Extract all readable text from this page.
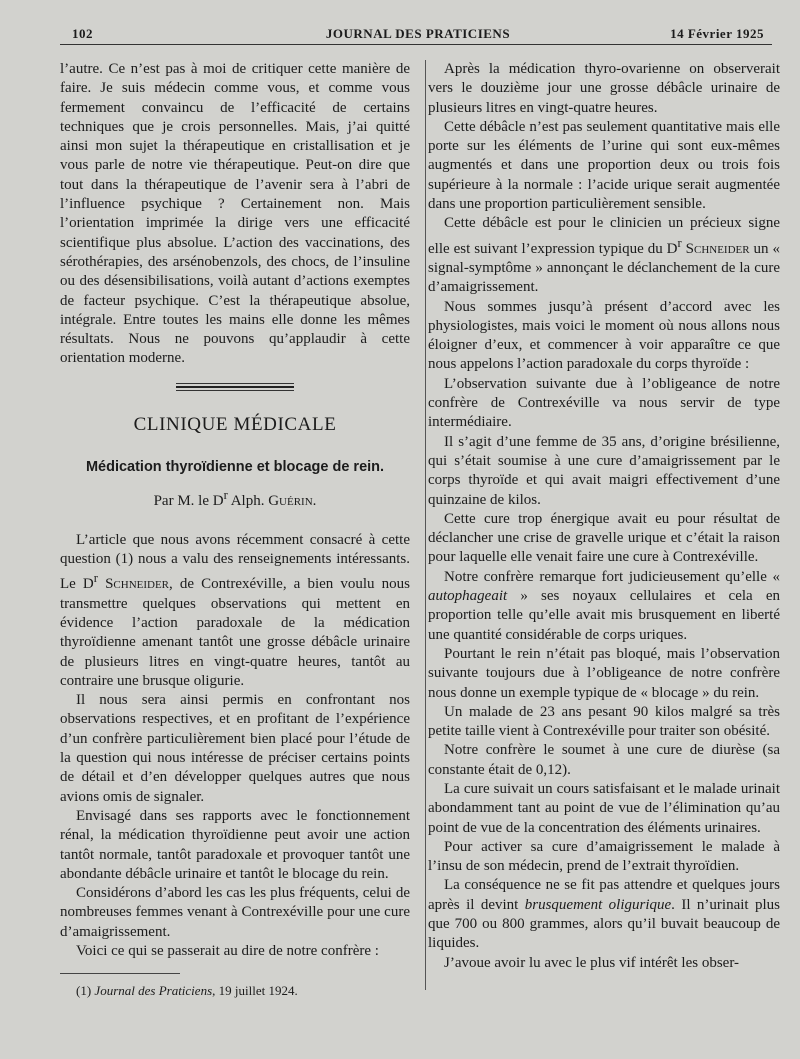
102	JOURNAL DES PRATICIENS	14 Février 1925

l’autre. Ce n’est pas à moi de critiquer cette manière de faire. Je suis médecin comme vous, et comme vous fermement convaincu de l’efficacité de certains techniques que je crois personnelles. Mais, j’ai quitté ainsi mon sujet la thérapeutique en cristallisation et je vous parle de notre vie thérapeutique. Peut-on dire que tout dans la thérapeutique de l’avenir sera à l’abri de l’influence psychique ? Certainement non. Mais l’orientation imprimée la dirige vers une efficacité scientifique plus absolue. L’action des vaccinations, des sérothérapies, des arsénobenzols, des chocs, de l’insuline ou des désensibilisations, voilà autant d’actions exemptes de facteur psychique. C’est la thérapeutique absolue, intégrale. Entre toutes les mains elle donne les mêmes résultats. Nous ne pouvons qu’applaudir à cette orientation moderne.

CLINIQUE MÉDICALE
Médication thyroïdienne et blocage de rein.
Par M. le $D^r$ Alph. Guérin.

L’article que nous avons récemment consacré à cette question (1) nous a valu des renseignements intéressants. Le $D^r$ Schneider, de Contrexéville, a bien voulu nous transmettre quelques observations qui mettent en évidence l’action paradoxale de la médication thyroïdienne amenant tantôt une grosse débâcle urinaire de plusieurs litres en vingt-quatre heures, tantôt au contraire une brusque oligurie.

Il nous sera ainsi permis en confrontant nos observations respectives, et en profitant de l’expérience d’un confrère particulièrement bien placé pour l’étude de la question qui nous intéresse de préciser certains points de détail et d’en développer quelques autres que nous avions omis de signaler.

Envisagé dans ses rapports avec le fonctionnement rénal, la médication thyroïdienne peut avoir une action tantôt normale, tantôt paradoxale et provoquer tantôt une abondante débâcle urinaire et tantôt le blocage du rein.

Considérons d’abord les cas les plus fréquents, celui de nombreuses femmes venant à Contrexéville pour une cure d’amaigrissement.

Voici ce qui se passerait au dire de notre confrère :

(1) Journal des Praticiens, 19 juillet 1924.

Après la médication thyro-ovarienne on observerait vers le douzième jour une grosse débâcle urinaire de plusieurs litres en vingt-quatre heures.

Cette débâcle n’est pas seulement quantitative mais elle porte sur les éléments de l’urine qui sont eux-mêmes augmentés et dans une proportion deux ou trois fois supérieure à la normale : l’acide urique serait augmentée dans une proportion particulièrement sensible.

Cette débâcle est pour le clinicien un précieux signe elle est suivant l’expression typique du $D^r$ Schneider un « signal-symptôme » annonçant le déclanchement de la cure d’amaigrissement.

Nous sommes jusqu’à présent d’accord avec les physiologistes, mais voici le moment où nous allons nous éloigner d’eux, et commencer à voir apparaître ce que nous appelons l’action paradoxale du corps thyroïde :

L’observation suivante due à l’obligeance de notre confrère de Contrexéville va nous servir de type intermédiaire.

Il s’agit d’une femme de 35 ans, d’origine brésilienne, qui s’était soumise à une cure d’amaigrissement par le corps thyroïde et qui avait maigri effectivement d’une quinzaine de kilos.

Cette cure trop énergique avait eu pour résultat de déclancher une crise de gravelle urique et c’était la raison pour laquelle elle venait faire une cure à Contrexéville.

Notre confrère remarque fort judicieusement qu’elle « autophageait » ses noyaux cellulaires et cela en proportion telle qu’elle avait mis brusquement en liberté une quantité considérable de corps uriques.

Pourtant le rein n’était pas bloqué, mais l’observation suivante toujours due à l’obligeance de notre confrère nous donne un exemple typique de « blocage » du rein.

Un malade de 23 ans pesant 90 kilos malgré sa très petite taille vient à Contrexéville pour traiter son obésité.

Notre confrère le soumet à une cure de diurèse (sa constante était de 0,12).

La cure suivait un cours satisfaisant et le malade urinait abondamment tant au point de vue de l’élimination qu’au point de vue de la concentration des éléments urinaires.

Pour activer sa cure d’amaigrissement le malade à l’insu de son médecin, prend de l’extrait thyroïdien.

La conséquence ne se fit pas attendre et quelques jours après il devint brusquement oligurique. Il n’urinait plus que 700 ou 800 grammes, alors qu’il buvait beaucoup de liquides.

J’avoue avoir lu avec le plus vif intérêt les obser-
